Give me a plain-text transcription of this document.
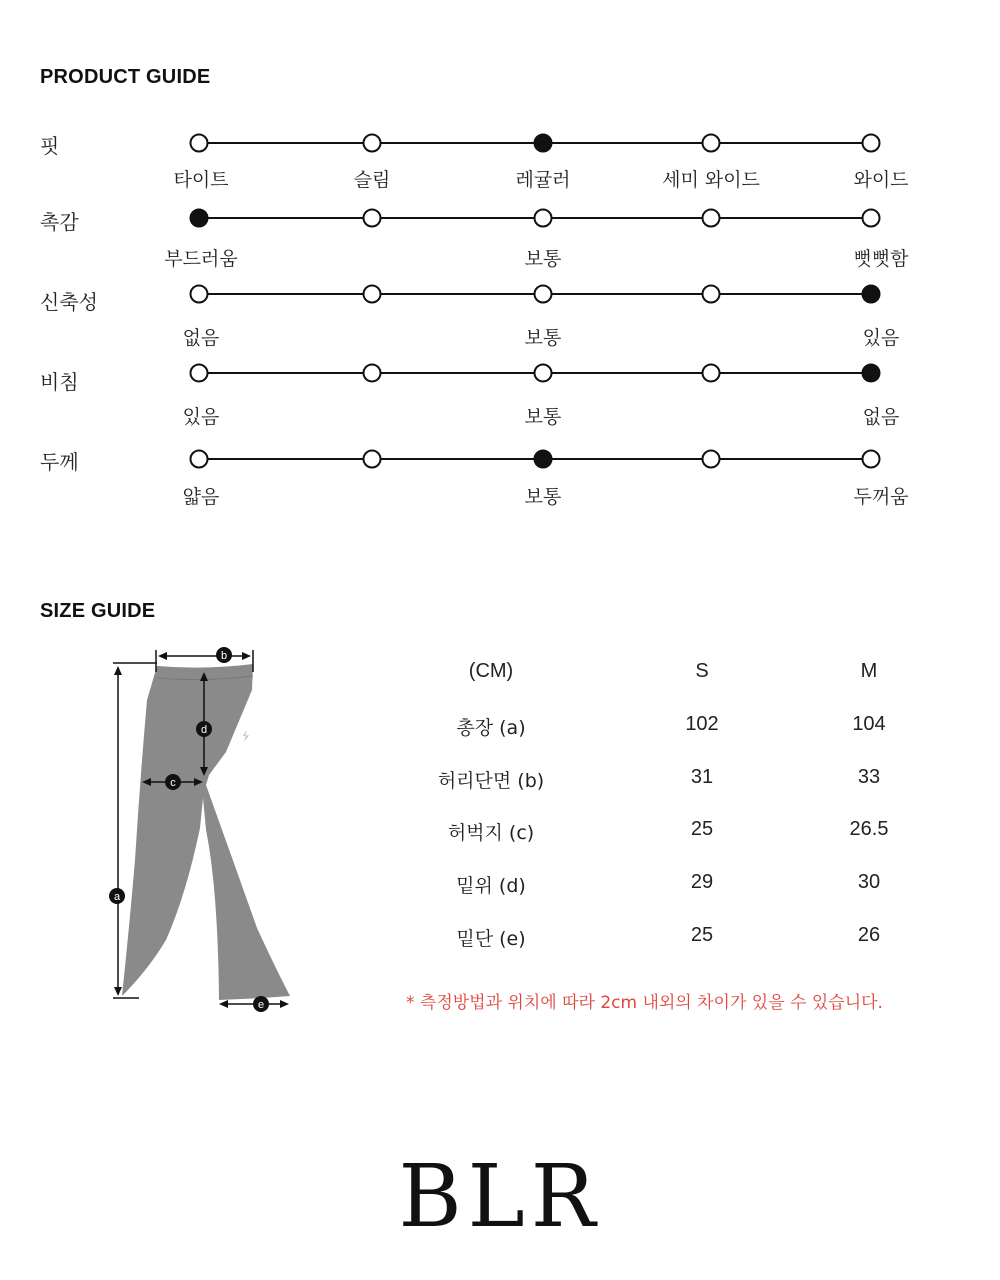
PRODUCT GUIDE
핏
타이트	슬림	레귤러	세미 와이드	와이드
촉감
부드러움	보통	뻣뻣함
신축성
없음	보통	있음
비침
있음	보통	없음
두께
얇음	보통	두꺼움
SIZE GUIDE
a
b
c
d
e
(CM)	S	M
총장 (a)	102	104
허리단면 (b)	31	33
허벅지 (c)	25	26.5
밑위 (d)	29	30
밑단 (e)	25	26
* 측정방법과 위치에 따라 2cm 내외의 차이가 있을 수 있습니다.
BLR
